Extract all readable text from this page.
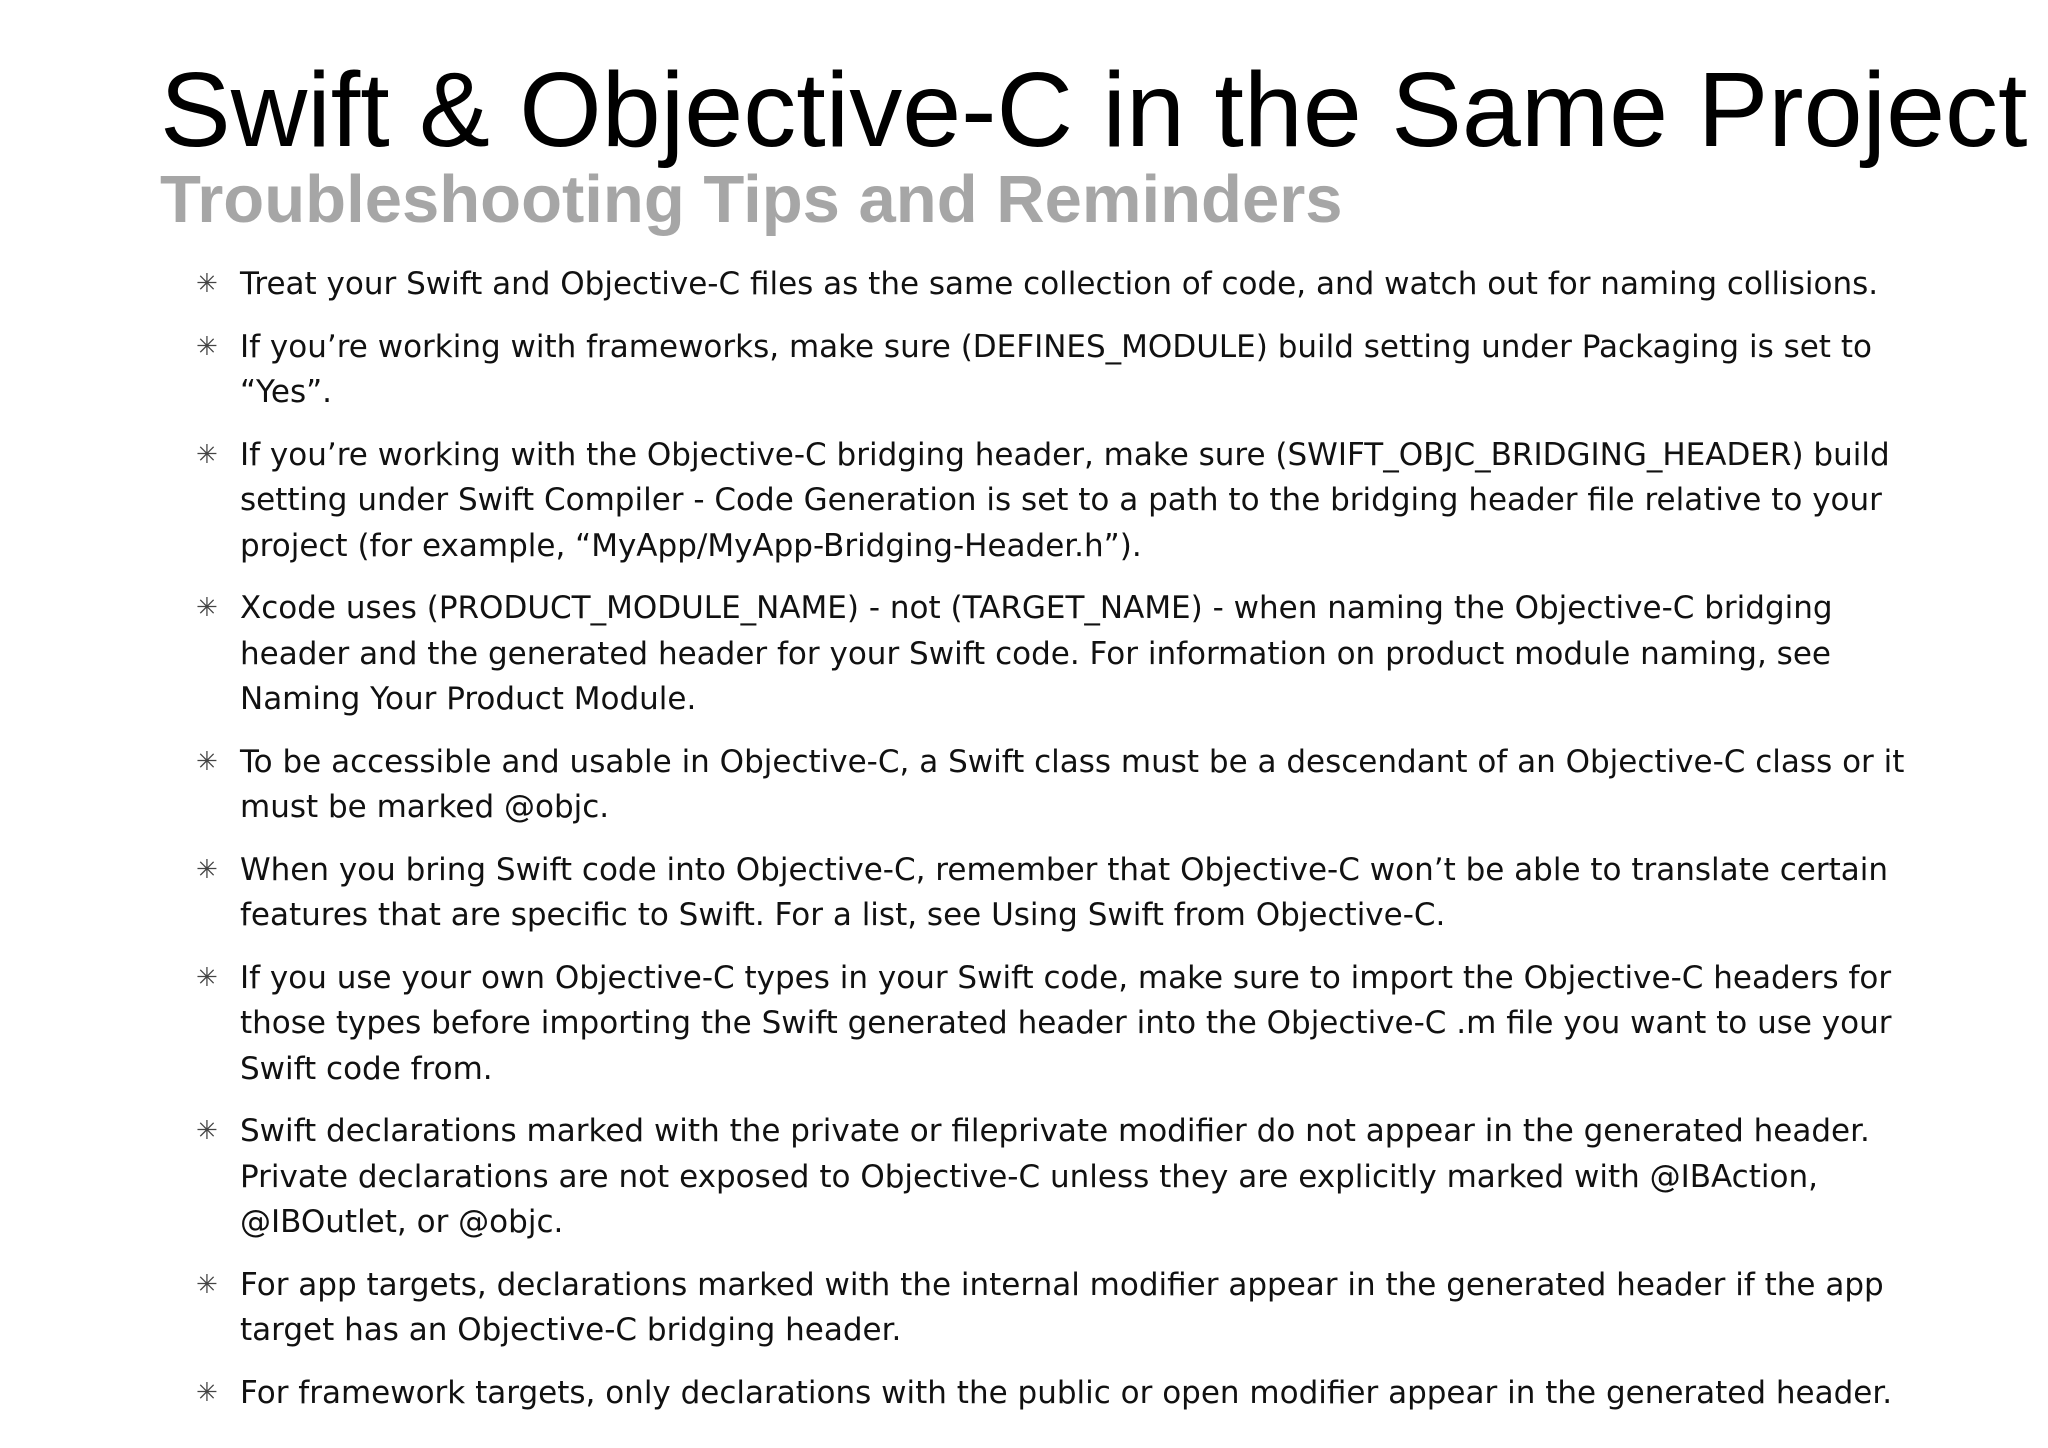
Swift & Objective-C in the Same Project
Troubleshooting Tips and Reminders
✳ Treat your Swift and Objective-C files as the same collection of code, and watch out for naming collisions.
✳ If you’re working with frameworks, make sure (DEFINES_MODULE) build setting under Packaging is set to “Yes”.
✳ If you’re working with the Objective-C bridging header, make sure (SWIFT_OBJC_BRIDGING_HEADER) build setting under Swift Compiler - Code Generation is set to a path to the bridging header file relative to your project (for example, “MyApp/MyApp-Bridging-Header.h”).
✳ Xcode uses (PRODUCT_MODULE_NAME) - not (TARGET_NAME) - when naming the Objective-C bridging header and the generated header for your Swift code. For information on product module naming, see Naming Your Product Module.
✳ To be accessible and usable in Objective-C, a Swift class must be a descendant of an Objective-C class or it must be marked @objc.
✳ When you bring Swift code into Objective-C, remember that Objective-C won’t be able to translate certain features that are specific to Swift. For a list, see Using Swift from Objective-C.
✳ If you use your own Objective-C types in your Swift code, make sure to import the Objective-C headers for those types before importing the Swift generated header into the Objective-C .m file you want to use your Swift code from.
✳ Swift declarations marked with the private or fileprivate modifier do not appear in the generated header. Private declarations are not exposed to Objective-C unless they are explicitly marked with @IBAction, @IBOutlet, or @objc.
✳ For app targets, declarations marked with the internal modifier appear in the generated header if the app target has an Objective-C bridging header.
✳ For framework targets, only declarations with the public or open modifier appear in the generated header.
